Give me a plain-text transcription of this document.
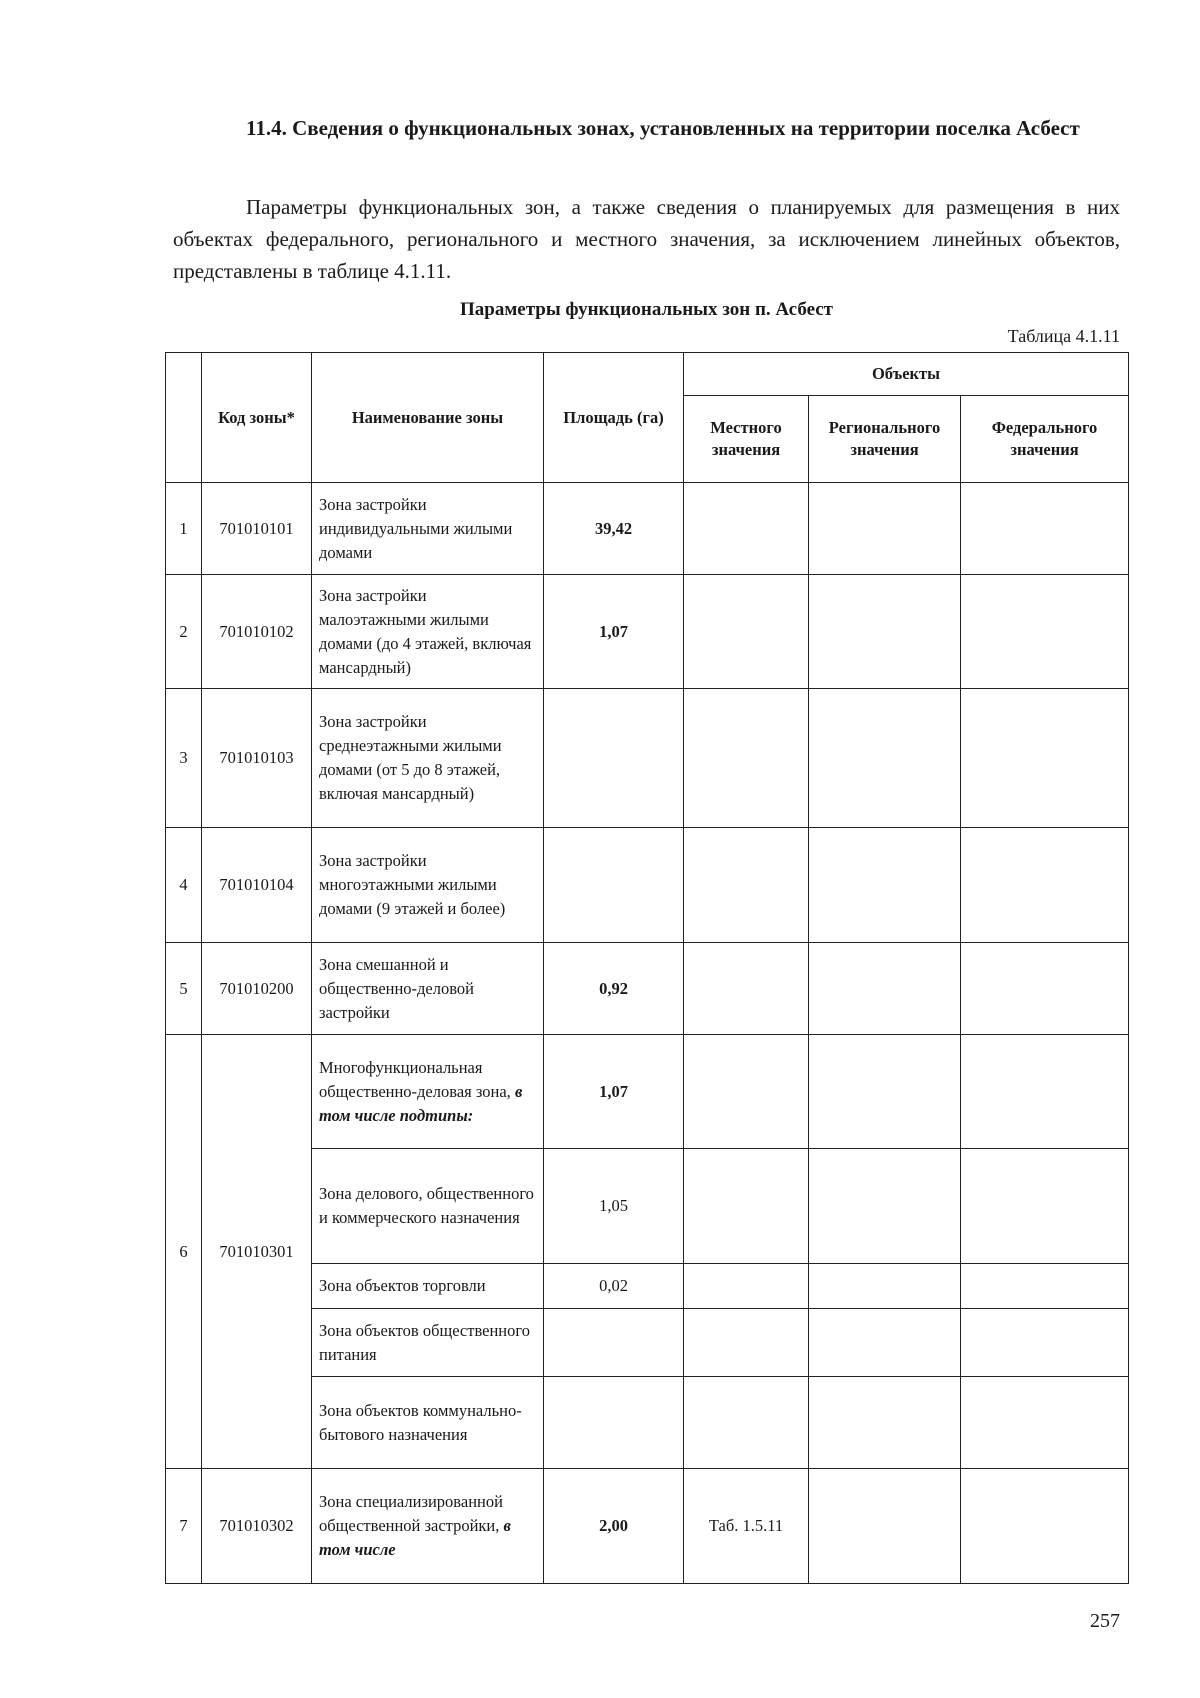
11.4. Сведения о функциональных зонах, установленных на территории поселка Асбест

Параметры функциональных зон, а также сведения о планируемых для размещения в них объектах федерального, регионального и местного значения, за исключением линейных объектов, представлены в таблице 4.1.11.

Параметры функциональных зон п. Асбест

Таблица 4.1.11

	Код зоны*	Наименование зоны	Площадь (га)	Объекты		
				Местного значения	Регионального значения	Федерального значения
1	701010101	Зона застройки индивидуальными жилыми домами	39,42			
2	701010102	Зона застройки малоэтажными жилыми домами (до 4 этажей, включая мансардный)	1,07			
3	701010103	Зона застройки среднеэтажными жилыми домами (от 5 до 8 этажей, включая мансардный)				
4	701010104	Зона застройки многоэтажными жилыми домами (9 этажей и более)				
5	701010200	Зона смешанной и общественно-деловой застройки	0,92			
6	701010301	Многофункциональная общественно-деловая зона, в том числе подтипы:	1,07			
		Зона делового, общественного и коммерческого назначения	1,05			
		Зона объектов торговли	0,02			
		Зона объектов общественного питания				
		Зона объектов коммунально-бытового назначения				
7	701010302	Зона специализированной общественной застройки, в том числе	2,00	Таб. 1.5.11		

257
